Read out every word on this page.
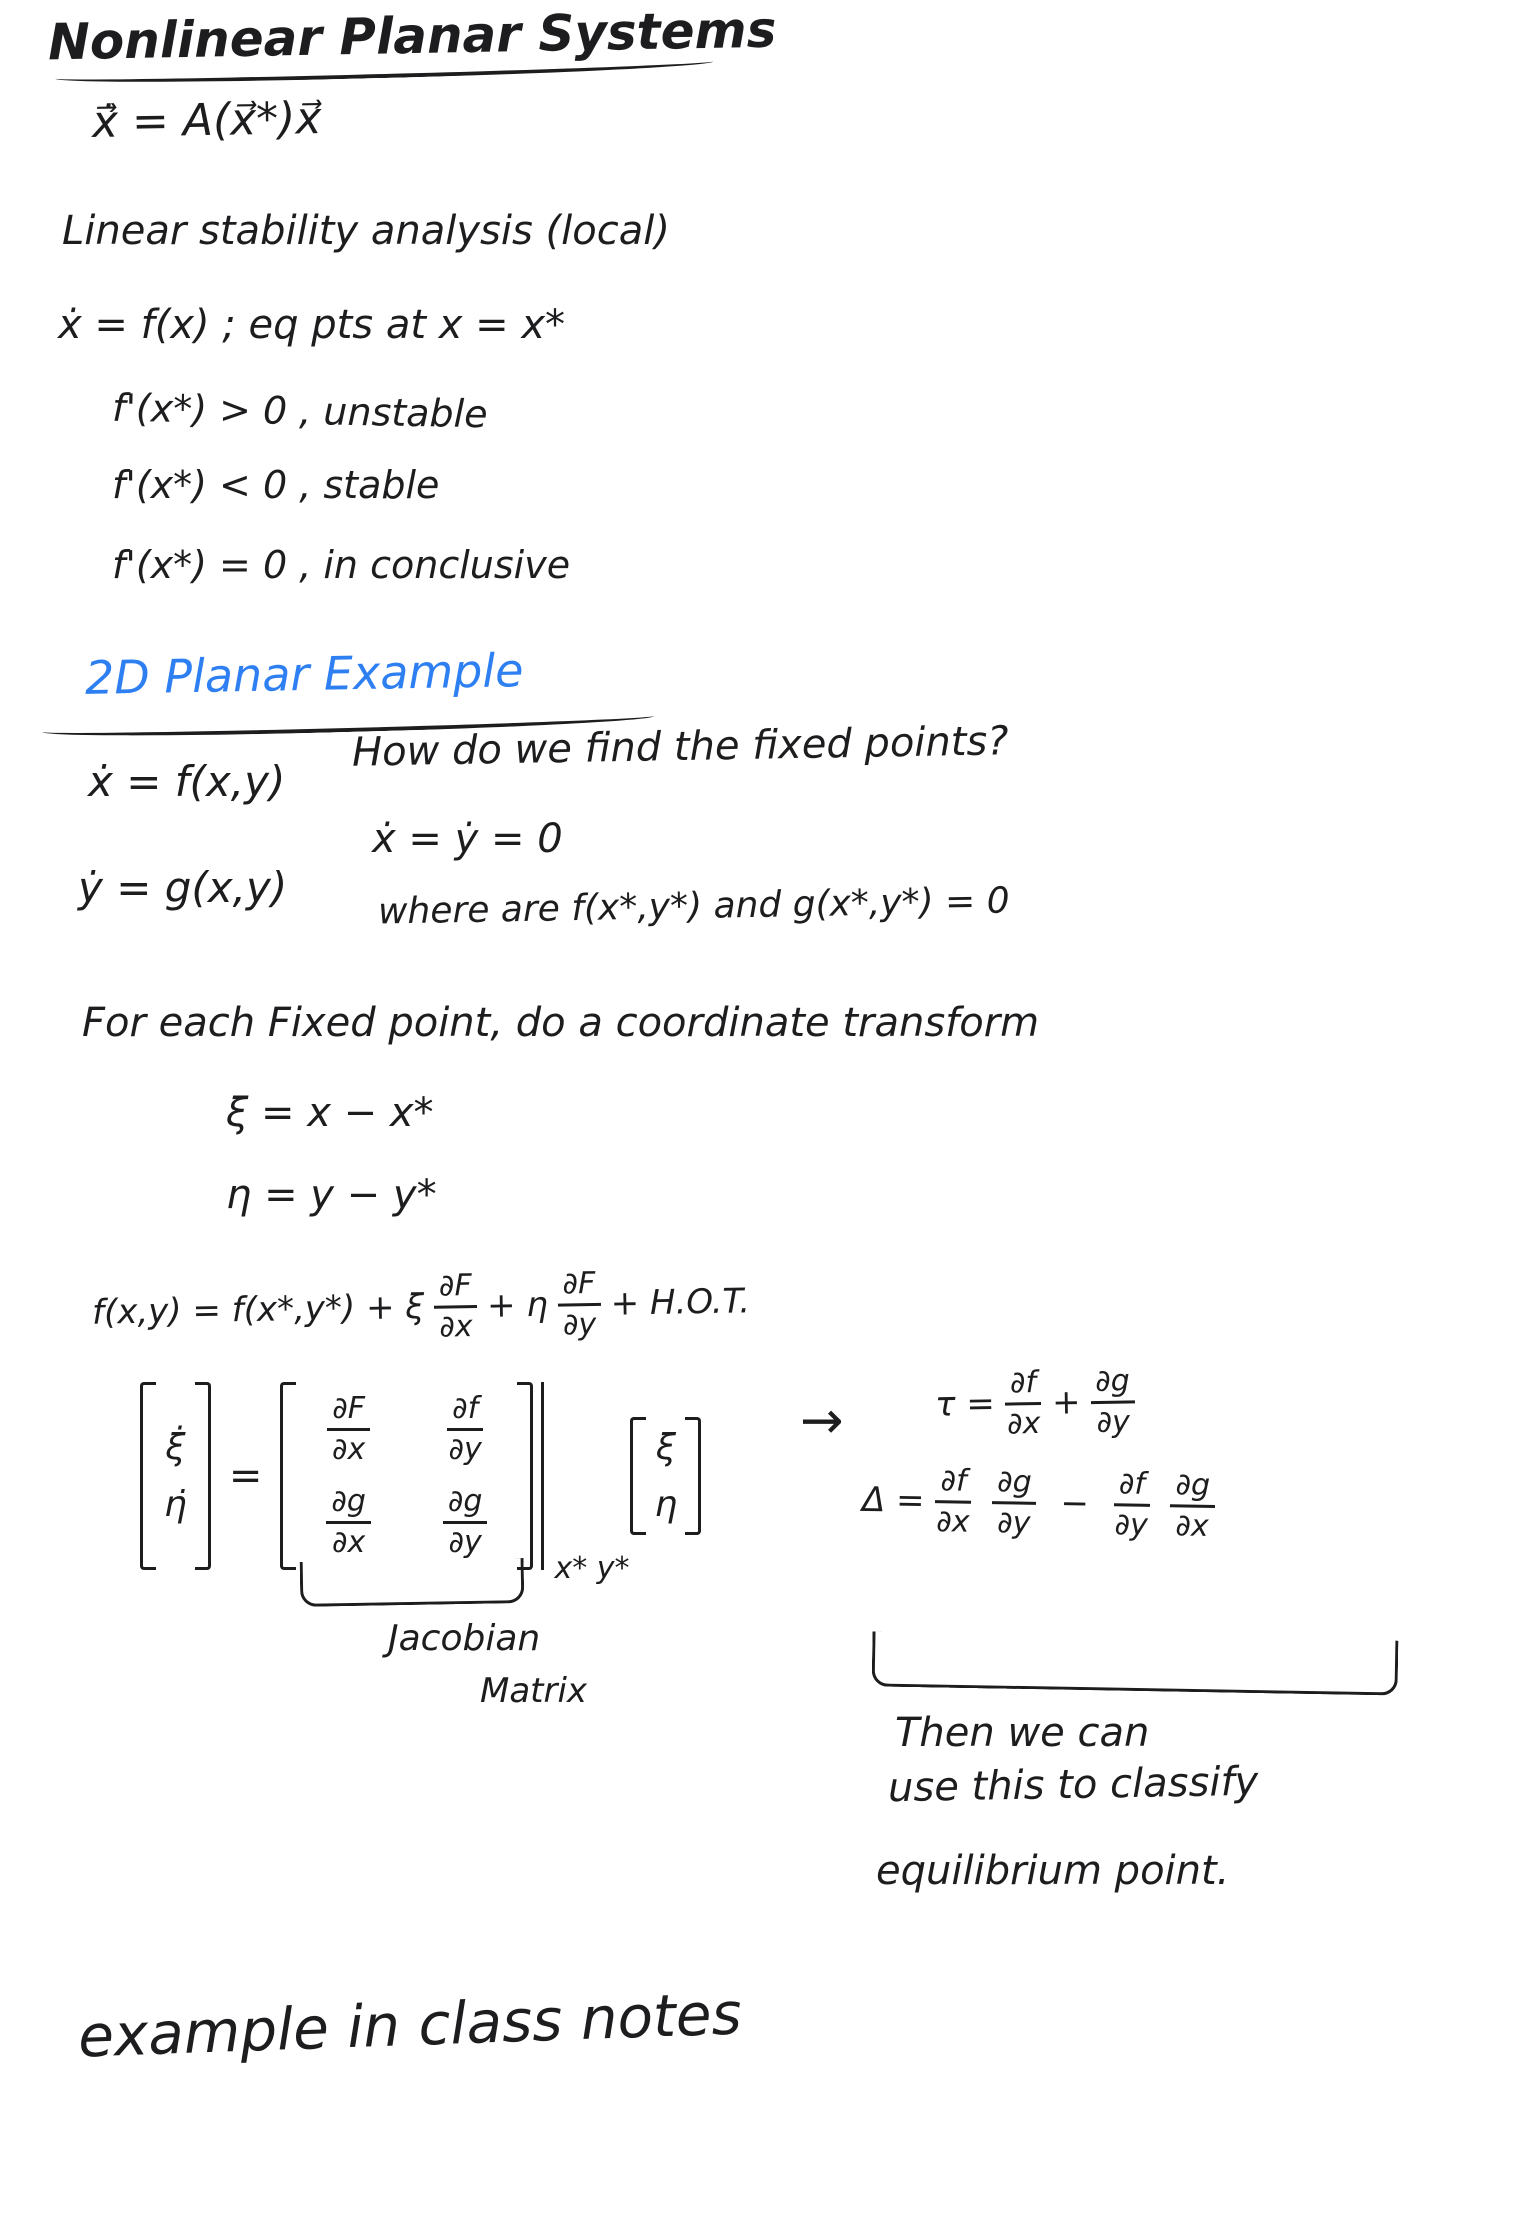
Nonlinear Planar Systems
ẋ⃗ = A(x⃗*)x⃗
Linear stability analysis (local)
ẋ = f(x) ; eq pts at x = x*
f'(x*) > 0 , unstable
f'(x*) < 0 , stable
f'(x*) = 0 , in conclusive
2D Planar Example
ẋ = f(x,y)
How do we find the fixed points?
ẋ = ẏ = 0
ẏ = g(x,y)	where are f(x*,y*) and g(x*,y*) = 0
For each Fixed point, do a coordinate transform
ξ = x − x*
η = y − y*
f(x,y) = f(x*,y*) + ξ $\frac{\partial F}{\partial x} + \eta \frac{\partial F}{\partial y} + H.O.T$.
ξ̇
η̇
=
$\frac{\partial F}{\partial x} \frac{\partial f}{\partial y}$
$\frac{\partial g}{\partial x} \frac{\partial g}{\partial y}$
x* y*
ξ
η
→	$\tau = \frac{\partial f}{\partial x} + \frac{\partial g}{\partial y}$
$\Delta = \frac{\partial f}{\partial x} \frac{\partial g}{\partial y} - \frac{\partial f}{\partial y} \frac{\partial g}{\partial x}$
Jacobian
Matrix
Then we can
use this to classify
equilibrium point.
example in class notes
